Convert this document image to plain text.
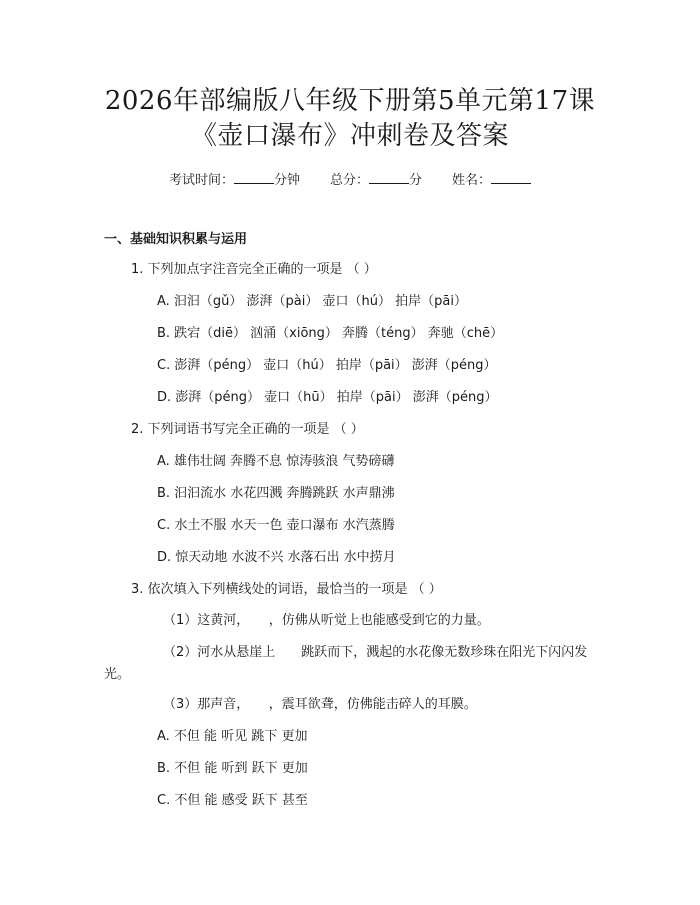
2026年部编版八年级下册第5单元第17课
《壶口瀑布》冲刺卷及答案
考试时间：	分钟 总分：	分 姓名：
一、基础知识积累与运用
1. 下列加点字注音完全正确的一项是 （ ）
A. 汩汩（gǔ） 澎湃（pài） 壶口（hú） 拍岸（pāi）
B. 跌宕（diē） 汹涌（xiōng） 奔腾（téng） 奔驰（chē）
C. 澎湃（péng） 壶口（hú） 拍岸（pāi） 澎湃（péng）
D. 澎湃（péng） 壶口（hū） 拍岸（pāi） 澎湃（péng）
2. 下列词语书写完全正确的一项是 （ ）
A. 雄伟壮阔 奔腾不息 惊涛骇浪 气势磅礴
B. 汩汩流水 水花四溅 奔腾跳跃 水声鼎沸
C. 水土不服 水天一色 壶口瀑布 水汽蒸腾
D. 惊天动地 水波不兴 水落石出 水中捞月
3. 依次填入下列横线处的词语，最恰当的一项是 （ ）
（1）这黄河，　　，仿佛从听觉上也能感受到它的力量。
（2）河水从悬崖上　　跳跃而下，溅起的水花像无数珍珠在阳光下闪闪发
光。
（3）那声音，　　，震耳欲聋，仿佛能击碎人的耳膜。
A. 不但 能 听见 跳下 更加
B. 不但 能 听到 跃下 更加
C. 不但 能 感受 跃下 甚至
